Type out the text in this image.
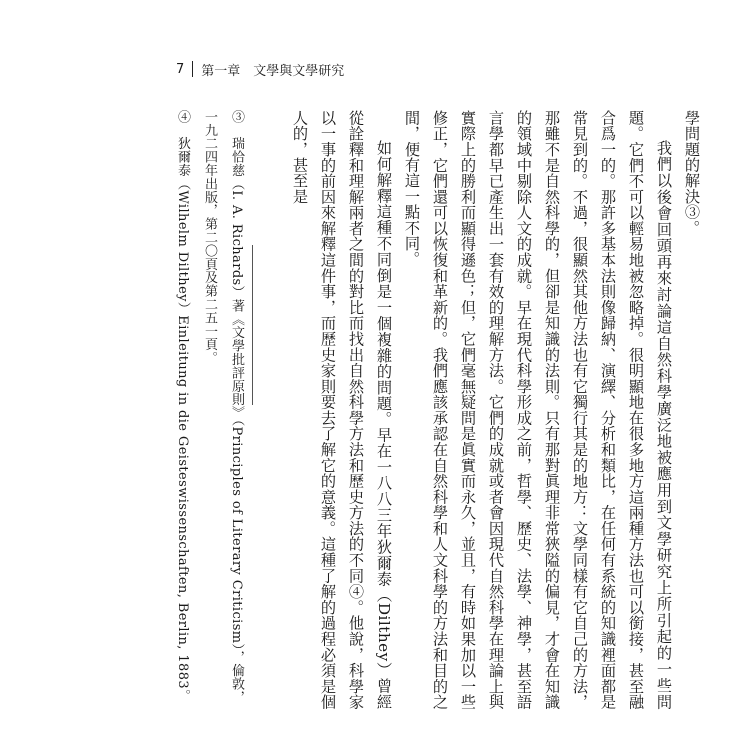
7 第一章　文學與文學研究

學問題的解決③。

我們以後會回頭再來討論這自然科學廣泛地被應用到文學研究上所引起的一些問題。它們不可以輕易地被忽略掉。很明顯地在很多地方這兩種方法也可以銜接，甚至融合爲一的。那許多基本法則像歸納、演繹、分析和類比，在任何有系統的知識裡面都是常見到的。不過，很顯然其他方法也有它獨行其是的地方：文學同樣有它自己的方法，那雖不是自然科學的，但卻是知識的法則。只有那對眞理非常狹隘的偏見，才會在知識的領域中剔除人文的成就。早在現代科學形成之前，哲學、歷史、法學、神學，甚至語言學都早已產生出一套有效的理解方法。它們的成就或者會因現代自然科學在理論上與實際上的勝利而顯得遜色；但，它們毫無疑問是眞實而永久，並且，有時如果加以一些修正，它們還可以恢復和革新的。我們應該承認在自然科學和人文科學的方法和目的之間，便有這一點不同。

如何解釋這種不同倒是一個複雜的問題。早在一八八三年狄爾泰（Dilthey）曾經從詮釋和理解兩者之間的對比而找出自然科學方法和歷史方法的不同④。他說，科學家以一事的前因來解釋這件事，而歷史家則要去了解它的意義。這種了解的過程必須是個人的，甚至是

③　瑞恰慈（I. A. Richards）著《文學批評原則》（Principles of Literary Criticism），倫敦，一九二四年出版，第二〇頁及第二五一頁。

④　狄爾泰（Wilhelm Dilthey）Einleitung in die Geisteswissenschaften, Berlin, 1883。
